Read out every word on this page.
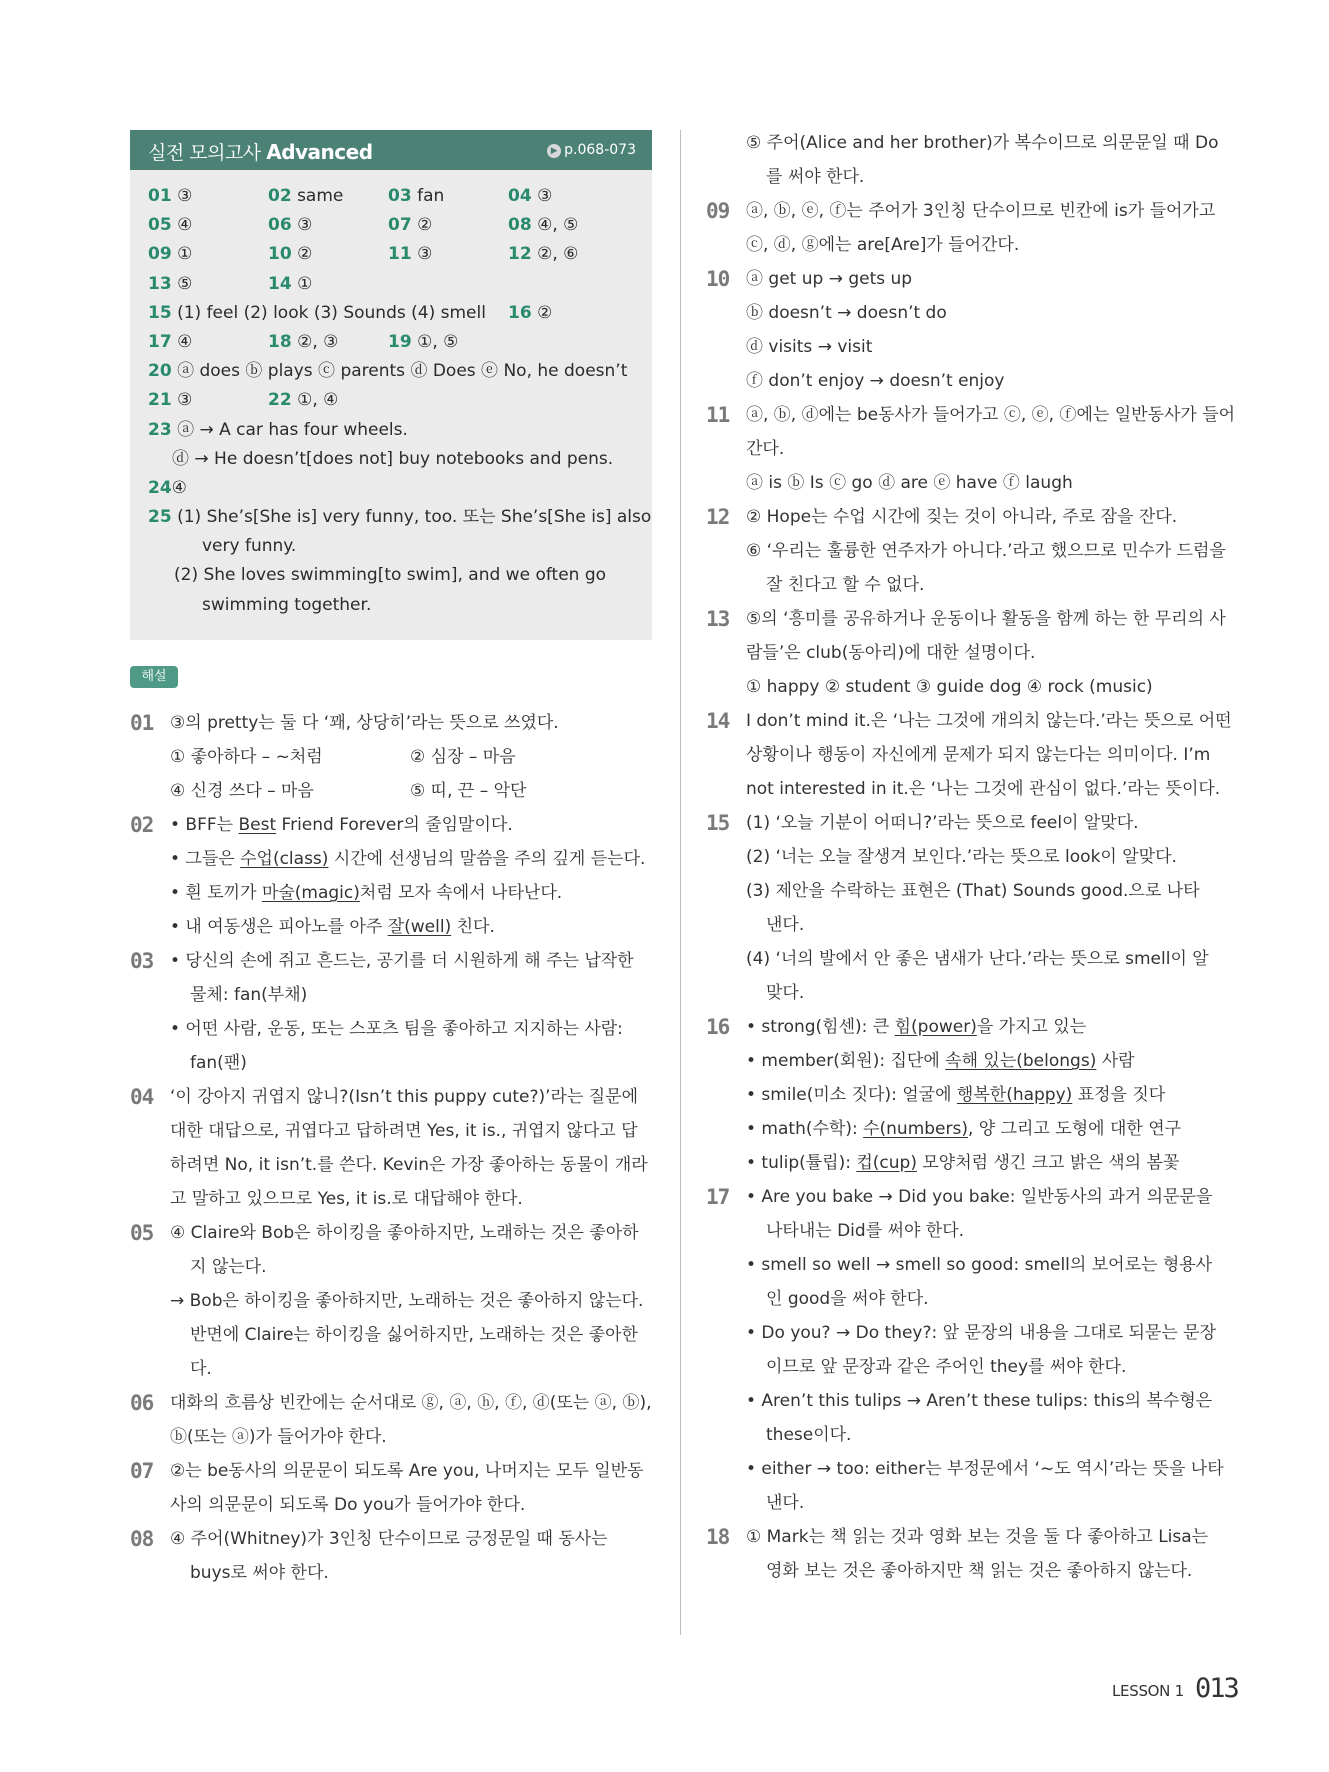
실전 모의고사 Advanced	▶ p.068-073
01 ③	02 same	03 fan	04 ③
05 ④	06 ③	07 ②	08 ④, ⑤
09 ①	10 ②	11 ③	12 ②, ⑥
13 ⑤	14 ①
15 (1) feel (2) look (3) Sounds (4) smell 16 ②
17 ④	18 ②, ③	19 ①, ⑤
20 ⓐ does ⓑ plays ⓒ parents ⓓ Does ⓔ No, he doesn’t
21 ③	22 ①, ④
23 ⓐ → A car has four wheels.
ⓓ → He doesn’t[does not] buy notebooks and pens.
24④
25 (1) She’s[She is] very funny, too. 또는 She’s[She is] also
very funny.
(2) She loves swimming[to swim], and we often go
swimming together.
해설
01 ③의 pretty는 둘 다 ‘꽤, 상당히’라는 뜻으로 쓰였다.
① 좋아하다 – ~처럼	② 심장 – 마음
④ 신경 쓰다 – 마음	⑤ 띠, 끈 – 악단
02 • BFF는 Best Friend Forever의 줄임말이다.
• 그들은 수업(class) 시간에 선생님의 말씀을 주의 깊게 듣는다.
• 흰 토끼가 마술(magic)처럼 모자 속에서 나타난다.
• 내 여동생은 피아노를 아주 잘(well) 친다.
03 • 당신의 손에 쥐고 흔드는, 공기를 더 시원하게 해 주는 납작한
물체: fan(부채)
• 어떤 사람, 운동, 또는 스포츠 팀을 좋아하고 지지하는 사람:
fan(팬)
04 ‘이 강아지 귀엽지 않니?(Isn’t this puppy cute?)’라는 질문에
대한 대답으로, 귀엽다고 답하려면 Yes, it is., 귀엽지 않다고 답
하려면 No, it isn’t.를 쓴다. Kevin은 가장 좋아하는 동물이 개라
고 말하고 있으므로 Yes, it is.로 대답해야 한다.
05 ④ Claire와 Bob은 하이킹을 좋아하지만, 노래하는 것은 좋아하
지 않는다.
→ Bob은 하이킹을 좋아하지만, 노래하는 것은 좋아하지 않는다.
반면에 Claire는 하이킹을 싫어하지만, 노래하는 것은 좋아한
다.
06 대화의 흐름상 빈칸에는 순서대로 ⓖ, ⓐ, ⓗ, ⓕ, ⓓ(또는 ⓐ, ⓑ),
ⓑ(또는 ⓐ)가 들어가야 한다.
07 ②는 be동사의 의문문이 되도록 Are you, 나머지는 모두 일반동
사의 의문문이 되도록 Do you가 들어가야 한다.
08 ④ 주어(Whitney)가 3인칭 단수이므로 긍정문일 때 동사는
buys로 써야 한다.
⑤ 주어(Alice and her brother)가 복수이므로 의문문일 때 Do
를 써야 한다.
09 ⓐ, ⓑ, ⓔ, ⓕ는 주어가 3인칭 단수이므로 빈칸에 is가 들어가고
ⓒ, ⓓ, ⓖ에는 are[Are]가 들어간다.
10 ⓐ get up → gets up
ⓑ doesn’t → doesn’t do
ⓓ visits → visit
ⓕ don’t enjoy → doesn’t enjoy
11 ⓐ, ⓑ, ⓓ에는 be동사가 들어가고 ⓒ, ⓔ, ⓕ에는 일반동사가 들어
간다.
ⓐ is ⓑ Is ⓒ go ⓓ are ⓔ have ⓕ laugh
12 ② Hope는 수업 시간에 짖는 것이 아니라, 주로 잠을 잔다.
⑥ ‘우리는 훌륭한 연주자가 아니다.’라고 했으므로 민수가 드럼을
잘 친다고 할 수 없다.
13 ⑤의 ‘흥미를 공유하거나 운동이나 활동을 함께 하는 한 무리의 사
람들’은 club(동아리)에 대한 설명이다.
① happy ② student ③ guide dog ④ rock (music)
14 I don’t mind it.은 ‘나는 그것에 개의치 않는다.’라는 뜻으로 어떤
상황이나 행동이 자신에게 문제가 되지 않는다는 의미이다. I’m
not interested in it.은 ‘나는 그것에 관심이 없다.’라는 뜻이다.
15 (1) ‘오늘 기분이 어떠니?’라는 뜻으로 feel이 알맞다.
(2) ‘너는 오늘 잘생겨 보인다.’라는 뜻으로 look이 알맞다.
(3) 제안을 수락하는 표현은 (That) Sounds good.으로 나타
낸다.
(4) ‘너의 발에서 안 좋은 냄새가 난다.’라는 뜻으로 smell이 알
맞다.
16 • strong(힘센): 큰 힘(power)을 가지고 있는
• member(회원): 집단에 속해 있는(belongs) 사람
• smile(미소 짓다): 얼굴에 행복한(happy) 표정을 짓다
• math(수학): 수(numbers), 양 그리고 도형에 대한 연구
• tulip(튤립): 컵(cup) 모양처럼 생긴 크고 밝은 색의 봄꽃
17 • Are you bake → Did you bake: 일반동사의 과거 의문문을
나타내는 Did를 써야 한다.
• smell so well → smell so good: smell의 보어로는 형용사
인 good을 써야 한다.
• Do you? → Do they?: 앞 문장의 내용을 그대로 되묻는 문장
이므로 앞 문장과 같은 주어인 they를 써야 한다.
• Aren’t this tulips → Aren’t these tulips: this의 복수형은
these이다.
• either → too: either는 부정문에서 ‘~도 역시’라는 뜻을 나타
낸다.
18 ① Mark는 책 읽는 것과 영화 보는 것을 둘 다 좋아하고 Lisa는
영화 보는 것은 좋아하지만 책 읽는 것은 좋아하지 않는다.
LESSON 1 013
